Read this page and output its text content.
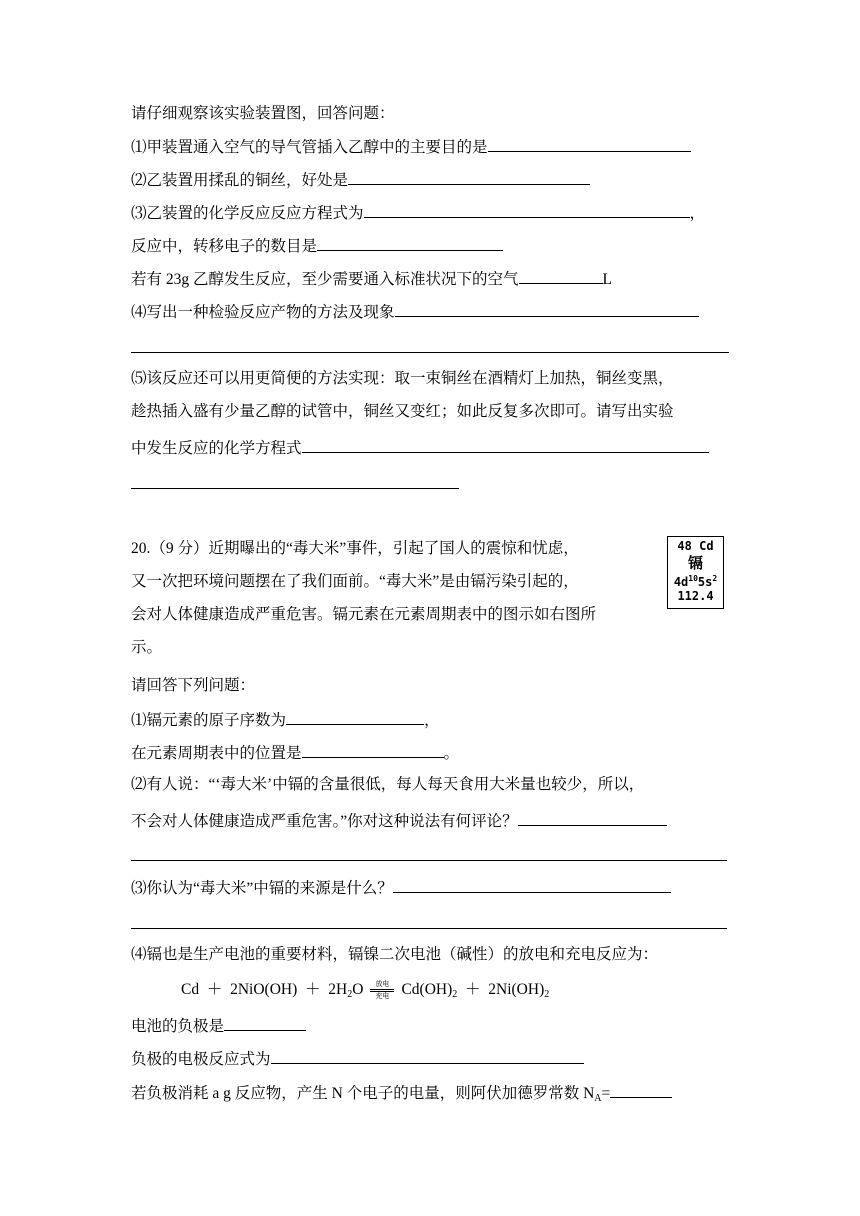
请仔细观察该实验装置图，回答问题：
⑴甲装置通入空气的导气管插入乙醇中的主要目的是
⑵乙装置用揉乱的铜丝，好处是
⑶乙装置的化学反应反应方程式为	，
反应中，转移电子的数目是
若有 23g 乙醇发生反应，至少需要通入标准状况下的空气	L
⑷写出一种检验反应产物的方法及现象
⑸该反应还可以用更简便的方法实现：取一束铜丝在酒精灯上加热，铜丝变黑，
趁热插入盛有少量乙醇的试管中，铜丝又变红；如此反复多次即可。请写出实验
中发生反应的化学方程式
20.（9 分）近期曝出的“毒大米”事件，引起了国人的震惊和忧虑，
又一次把环境问题摆在了我们面前。“毒大米”是由镉污染引起的，
会对人体健康造成严重危害。镉元素在元素周期表中的图示如右图所
示。
48 Cd
镉
$4d^{10}5s^2$
112.4
请回答下列问题：
⑴镉元素的原子序数为	，
在元素周期表中的位置是	。
⑵有人说：“‘毒大米’中镉的含量很低，每人每天食用大米量也较少，所以，
不会对人体健康造成严重危害。”你对这种说法有何评论？
⑶你认为“毒大米”中镉的来源是什么？
⑷镉也是生产电池的重要材料，镉镍二次电池（碱性）的放电和充电反应为：
$Cd + 2NiO(OH) + 2H_2O$	放电
充电 $Cd(OH)_2 + 2Ni(OH)_2$
电池的负极是
负极的电极反应式为
若负极消耗 a g 反应物，产生 N 个电子的电量，则阿伏加德罗常数 $N_A=$
